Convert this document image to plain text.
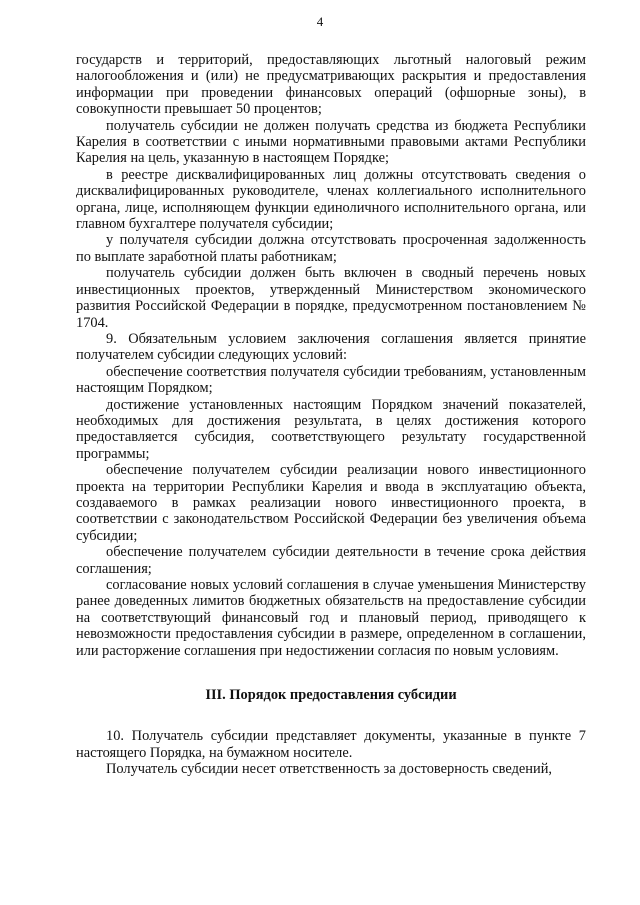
4

государств и территорий, предоставляющих льготный налоговый режим налогообложения и (или) не предусматривающих раскрытия и предоставления информации при проведении финансовых операций (офшорные зоны), в совокупности превышает 50 процентов;

получатель субсидии не должен получать средства из бюджета Республики Карелия в соответствии с иными нормативными правовыми актами Республики Карелия на цель, указанную в настоящем Порядке;

в реестре дисквалифицированных лиц должны отсутствовать сведения о дисквалифицированных руководителе, членах коллегиального исполнительного органа, лице, исполняющем функции единоличного исполнительного органа, или главном бухгалтере получателя субсидии;

у получателя субсидии должна отсутствовать просроченная задолженность по выплате заработной платы работникам;

получатель субсидии должен быть включен в сводный перечень новых инвестиционных проектов, утвержденный Министерством экономического развития Российской Федерации в порядке, предусмотренном постановлением № 1704.

9. Обязательным условием заключения соглашения является принятие получателем субсидии следующих условий:

обеспечение соответствия получателя субсидии требованиям, установленным настоящим Порядком;

достижение установленных настоящим Порядком значений показателей, необходимых для достижения результата, в целях достижения которого предоставляется субсидия, соответствующего результату государственной программы;

обеспечение получателем субсидии реализации нового инвестиционного проекта на территории Республики Карелия и ввода в эксплуатацию объекта, создаваемого в рамках реализации нового инвестиционного проекта, в соответствии с законодательством Российской Федерации без увеличения объема субсидии;

обеспечение получателем субсидии деятельности в течение срока действия соглашения;

согласование новых условий соглашения в случае уменьшения Министерству ранее доведенных лимитов бюджетных обязательств на предоставление субсидии на соответствующий финансовый год и плановый период, приводящего к невозможности предоставления субсидии в размере, определенном в соглашении, или расторжение соглашения при недостижении согласия по новым условиям.

III. Порядок предоставления субсидии

10. Получатель субсидии представляет документы, указанные в пункте 7 настоящего Порядка, на бумажном носителе.

Получатель субсидии несет ответственность за достоверность сведений,
